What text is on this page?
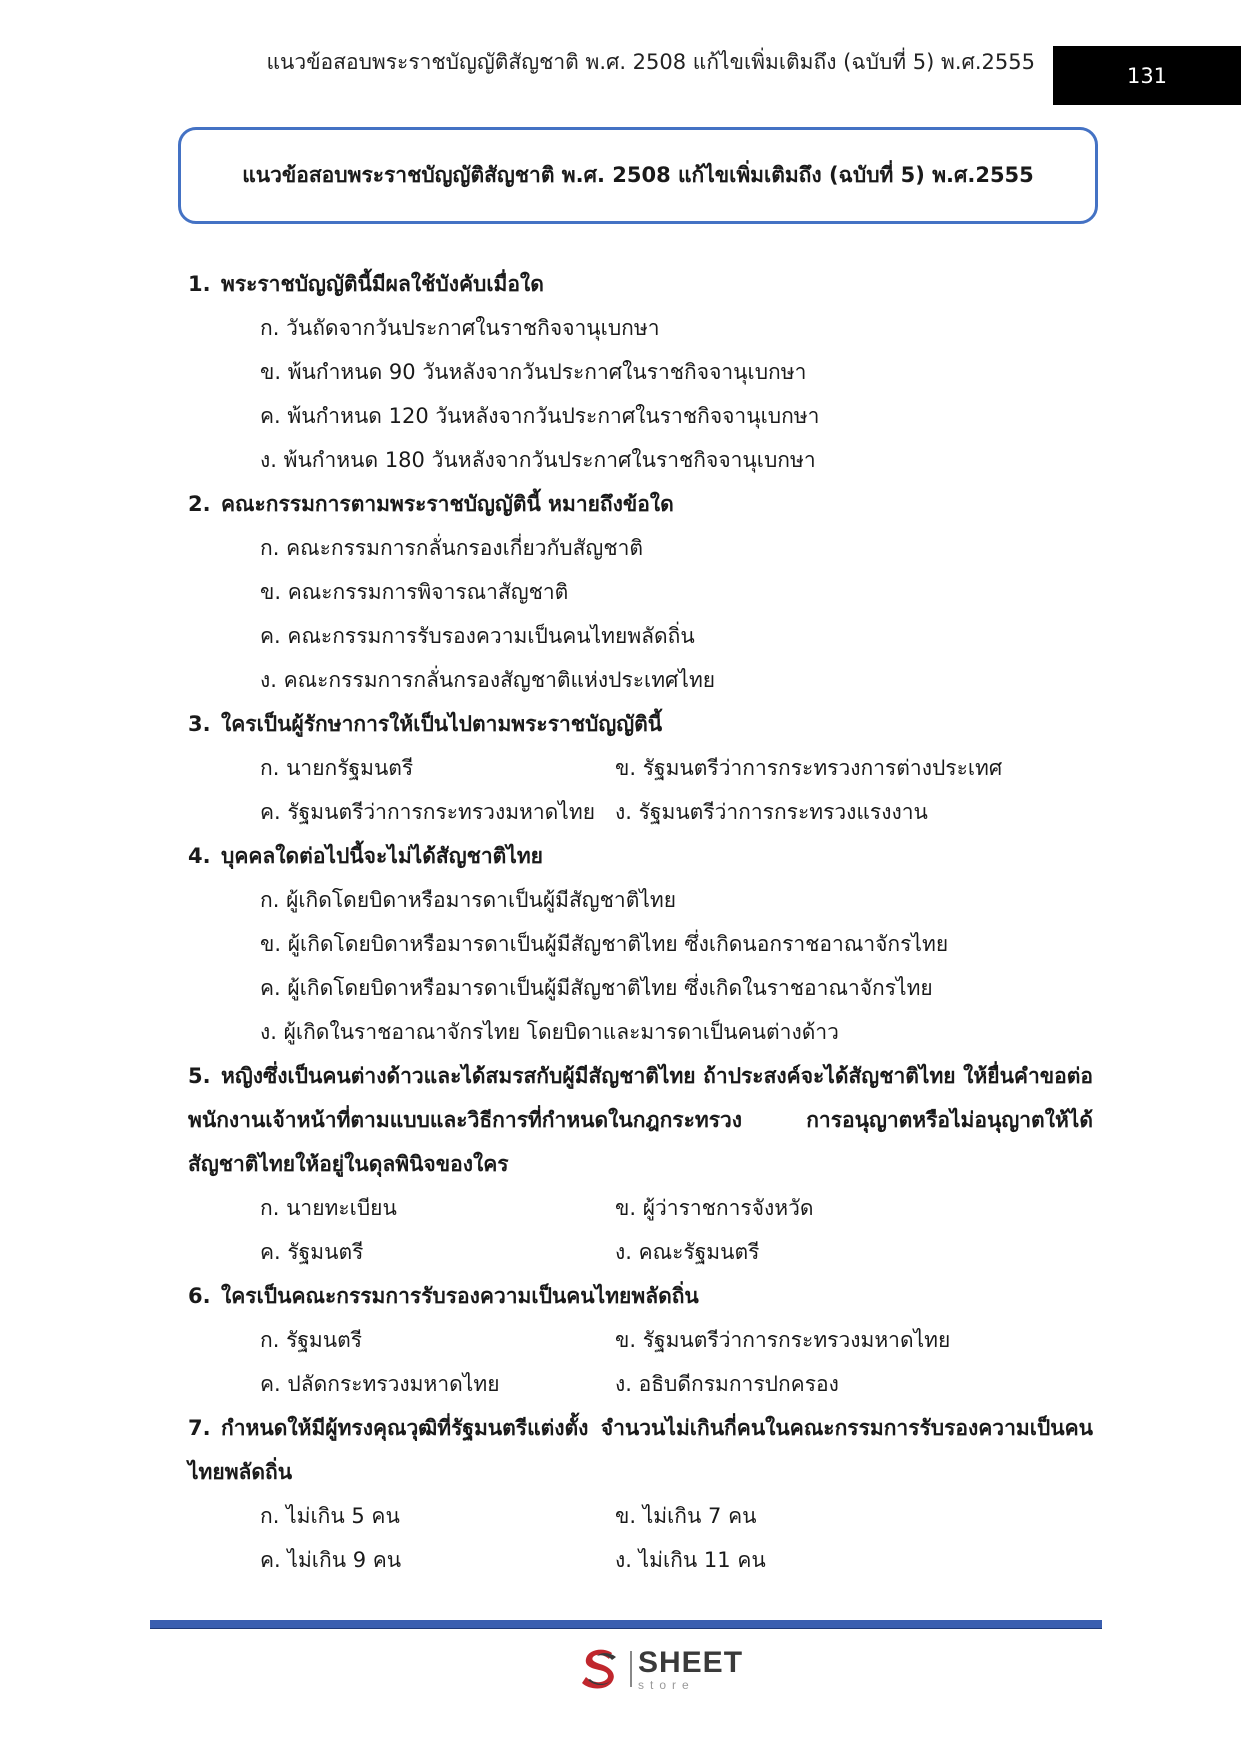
แนวข้อสอบพระราชบัญญัติสัญชาติ พ.ศ. 2508 แก้ไขเพิ่มเติมถึง (ฉบับที่ 5) พ.ศ.2555
131
แนวข้อสอบพระราชบัญญัติสัญชาติ พ.ศ. 2508 แก้ไขเพิ่มเติมถึง (ฉบับที่ 5) พ.ศ.2555
1. พระราชบัญญัตินี้มีผลใช้บังคับเมื่อใด
ก. วันถัดจากวันประกาศในราชกิจจานุเบกษา
ข. พ้นกำหนด 90 วันหลังจากวันประกาศในราชกิจจานุเบกษา
ค. พ้นกำหนด 120 วันหลังจากวันประกาศในราชกิจจานุเบกษา
ง. พ้นกำหนด 180 วันหลังจากวันประกาศในราชกิจจานุเบกษา
2. คณะกรรมการตามพระราชบัญญัตินี้ หมายถึงข้อใด
ก. คณะกรรมการกลั่นกรองเกี่ยวกับสัญชาติ
ข. คณะกรรมการพิจารณาสัญชาติ
ค. คณะกรรมการรับรองความเป็นคนไทยพลัดถิ่น
ง. คณะกรรมการกลั่นกรองสัญชาติแห่งประเทศไทย
3. ใครเป็นผู้รักษาการให้เป็นไปตามพระราชบัญญัตินี้
ก. นายกรัฐมนตรี	ข. รัฐมนตรีว่าการกระทรวงการต่างประเทศ
ค. รัฐมนตรีว่าการกระทรวงมหาดไทย ง. รัฐมนตรีว่าการกระทรวงแรงงาน
4. บุคคลใดต่อไปนี้จะไม่ได้สัญชาติไทย
ก. ผู้เกิดโดยบิดาหรือมารดาเป็นผู้มีสัญชาติไทย
ข. ผู้เกิดโดยบิดาหรือมารดาเป็นผู้มีสัญชาติไทย ซึ่งเกิดนอกราชอาณาจักรไทย
ค. ผู้เกิดโดยบิดาหรือมารดาเป็นผู้มีสัญชาติไทย ซึ่งเกิดในราชอาณาจักรไทย
ง. ผู้เกิดในราชอาณาจักรไทย โดยบิดาและมารดาเป็นคนต่างด้าว
5. หญิงซึ่งเป็นคนต่างด้าวและได้สมรสกับผู้มีสัญชาติไทย ถ้าประสงค์จะได้สัญชาติไทย ให้ยื่นคำขอต่อพนักงานเจ้าหน้าที่ตามแบบและวิธีการที่กำหนดในกฎกระทรวง การอนุญาตหรือไม่อนุญาตให้ได้สัญชาติไทยให้อยู่ในดุลพินิจของใคร
ก. นายทะเบียน	ข. ผู้ว่าราชการจังหวัด
ค. รัฐมนตรี	ง. คณะรัฐมนตรี
6. ใครเป็นคณะกรรมการรับรองความเป็นคนไทยพลัดถิ่น
ก. รัฐมนตรี	ข. รัฐมนตรีว่าการกระทรวงมหาดไทย
ค. ปลัดกระทรวงมหาดไทย	ง. อธิบดีกรมการปกครอง
7. กำหนดให้มีผู้ทรงคุณวุฒิที่รัฐมนตรีแต่งตั้ง จำนวนไม่เกินกี่คนในคณะกรรมการรับรองความเป็นคนไทยพลัดถิ่น
ก. ไม่เกิน 5 คน	ข. ไม่เกิน 7 คน
ค. ไม่เกิน 9 คน	ง. ไม่เกิน 11 คน
SHEET
store
